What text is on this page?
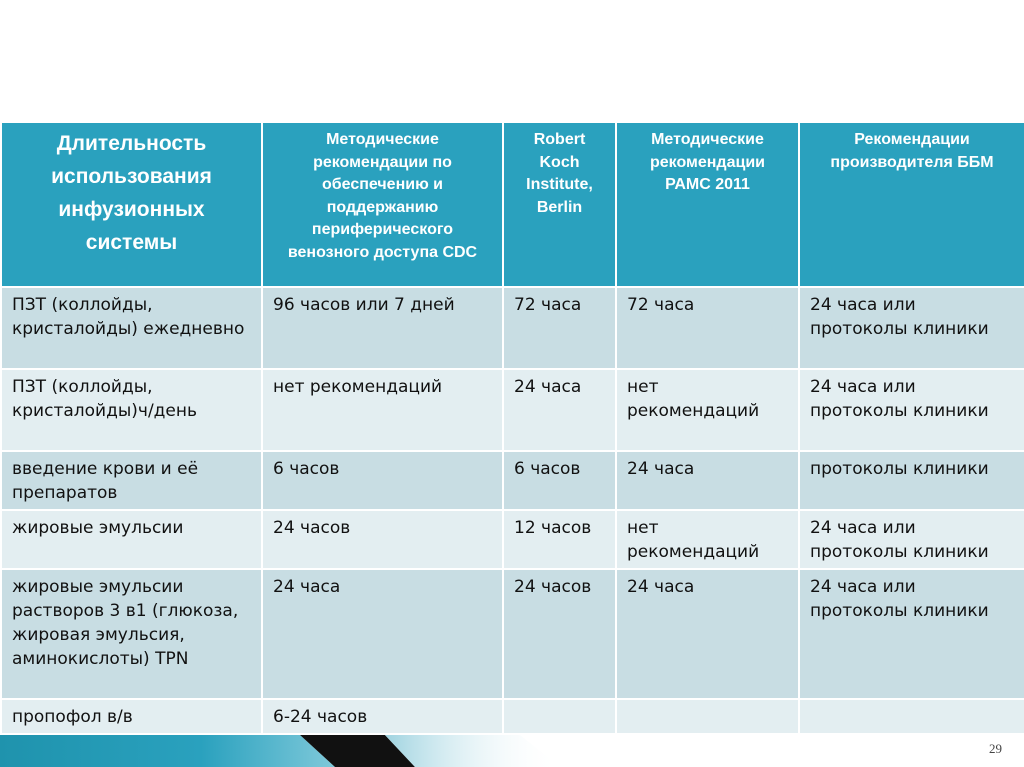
Длительность использования инфузионных системы	Методические рекомендации по обеспечению и поддержанию периферического венозного доступа CDC	Robert Koch Institute, Berlin	Методические рекомендации РАМС 2011	Рекомендации производителя ББМ
ПЗТ (коллойды, кристалойды) ежедневно	96 часов или 7 дней	72 часа	72 часа	24 часа или протоколы клиники
ПЗТ (коллойды, кристалойды)ч/день	нет рекомендаций	24 часа	нет рекомендаций	24 часа или протоколы клиники
введение крови и её препаратов	6 часов	6 часов	24 часа	протоколы клиники
жировые эмульсии	24 часов	12 часов	нет рекомендаций	24 часа или протоколы клиники
жировые эмульсии растворов 3 в1 (глюкоза, жировая эмульсия, аминокислоты) TPN	24 часа	24 часов	24 часа	24 часа или протоколы клиники
пропофол в/в	6-24 часов			
29
